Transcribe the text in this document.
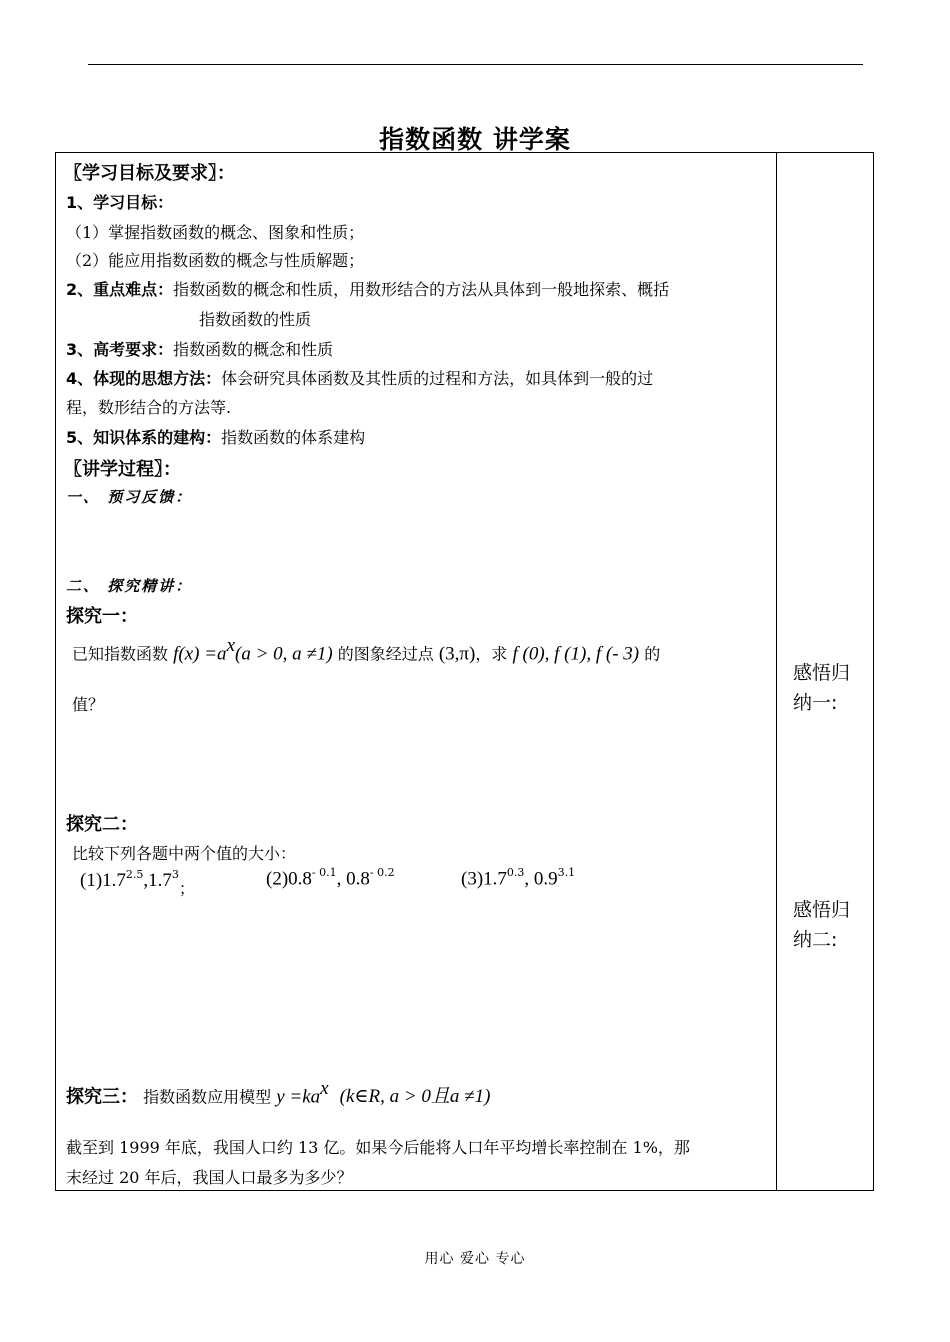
指数函数 讲学案
〖学习目标及要求〗：
1、学习目标：
（1）掌握指数函数的概念、图象和性质；
（2）能应用指数函数的概念与性质解题；
2、重点难点：指数函数的概念和性质，用数形结合的方法从具体到一般地探索、概括
指数函数的性质
3、高考要求：指数函数的概念和性质
4、体现的思想方法：体会研究具体函数及其性质的过程和方法，如具体到一般的过
程，数形结合的方法等.
5、知识体系的建构：指数函数的体系建构
〖讲学过程〗：
一、 预习反馈：
二、 探究精讲：
探究一：
已知指数函数 $f(x) =a^x(a > 0$, a ≠1) 的图象经过点 (3,π)，求 f (0), f (1), f (- 3) 的
值？
探究二：
比较下列各题中两个值的大小：
$(1)1.7^{2.5},1.7^3$；	$(2)0.8^{- 0.1}$, $0.8^{- 0.2}$	$(3)1.7^{0.3}$, $0.9^{3.1}$
探究三： 指数函数应用模型 $y =ka^x$ (k∈R, a > 0且a ≠1)
截至到 1999 年底，我国人口约 13 亿。如果今后能将人口年平均增长率控制在 1%，那
末经过 20 年后，我国人口最多为多少？
感悟归
纳一:
感悟归
纳二:
用心 爱心 专心
